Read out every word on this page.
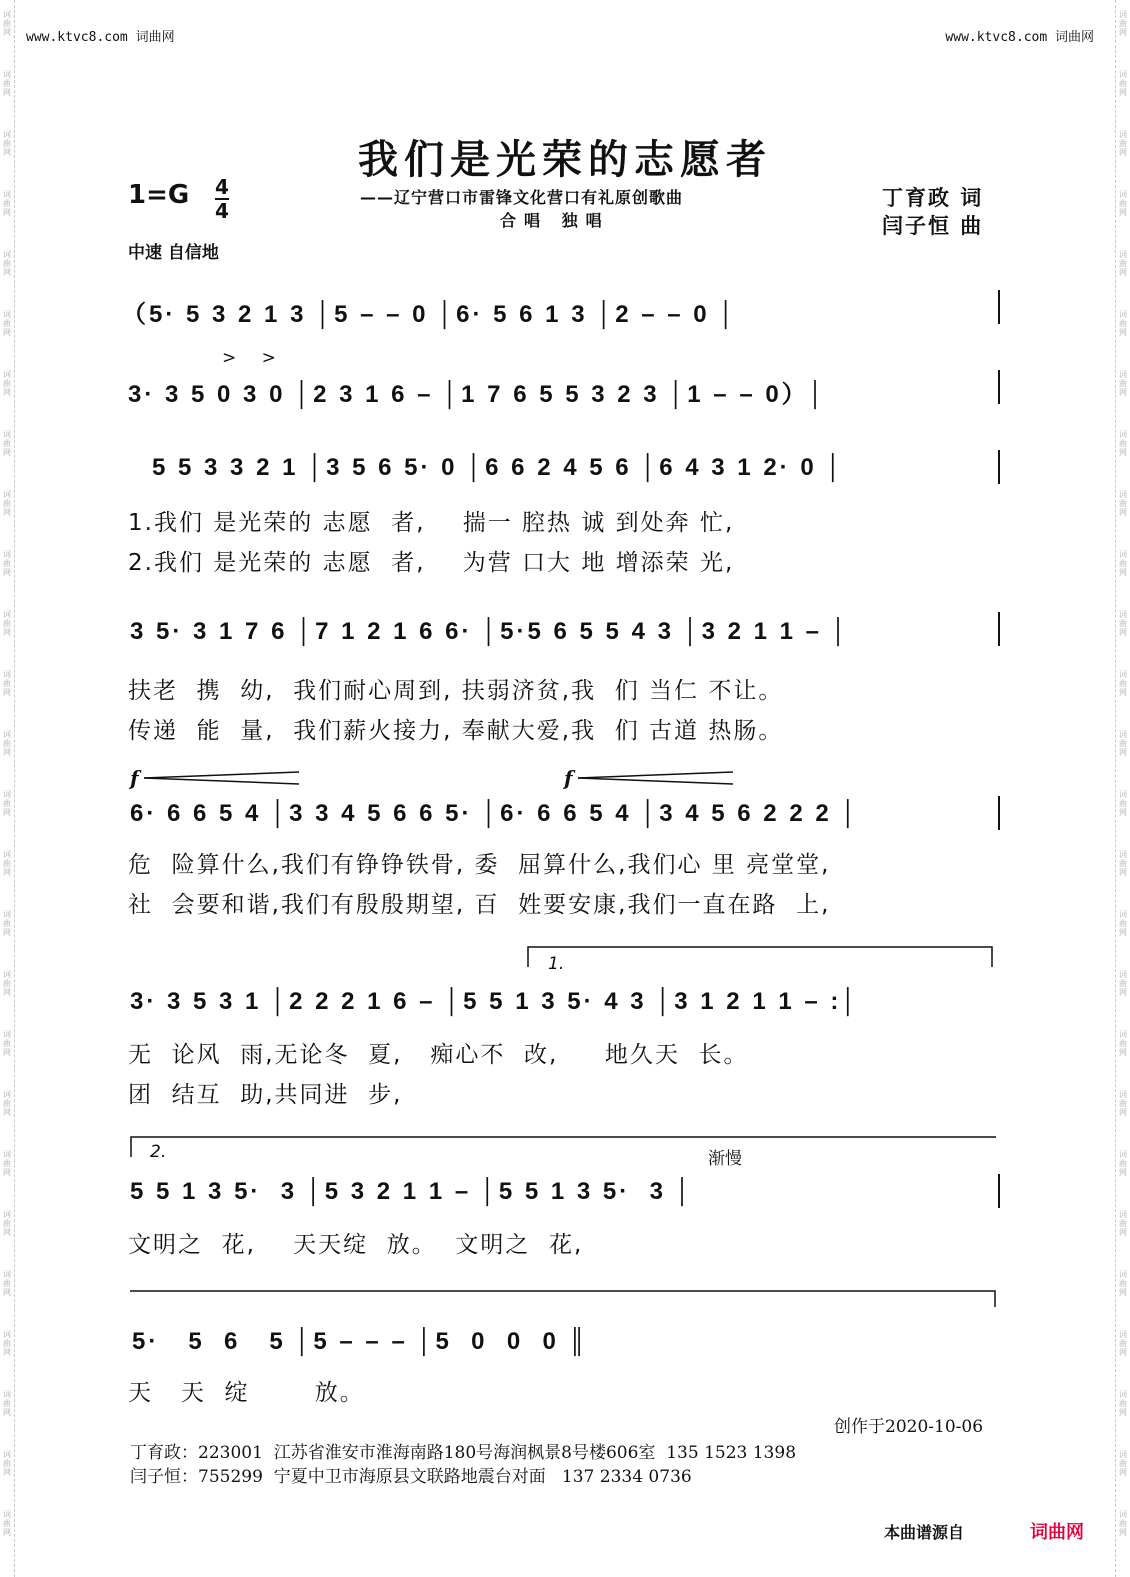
词
曲
网
词
曲
网
词
曲
网
词
曲
网
词
曲
网
词
曲
网
词
曲
网
词
曲
网
词
曲
网
词
曲
网
词
曲
网
词
曲
网
词
曲
网
词
曲
网
词
曲
网
词
曲
网
词
曲
网
词
曲
网
词
曲
网
词
曲
网
词
曲
网
词
曲
网
词
曲
网
词
曲
网
词
曲
网
词
曲
网
词
曲
网
词
曲
网
词
曲
网
词
曲
网
词
曲
网
词
曲
网
词
曲
网
词
曲
网
词
曲
网
词
曲
网
词
曲
网
词
曲
网
词
曲
网
词
曲
网
词
曲
网
词
曲
网
词
曲
网
词
曲
网
词
曲
网
词
曲
网
词
曲
网
词
曲
网
词
曲
网
词
曲
网
词
曲
网
词
曲
网
www.ktvc8.com 词曲网	www.ktvc8.com 词曲网
我们是光荣的志愿者
——辽宁营口市雷锋文化营口有礼原创歌曲
合唱 独唱
$1=G \frac{4}{4}$
中速 自信地
丁育政 词
闫子恒 曲
（5· 5 3 2 1 3 │5 – – 0 │6· 5 6 1 3 │2 – – 0 │
> >
3· 3 5 0 3 0 │2 3 1 6 – │1 7 6 5 5 3 2 3 │1 – – 0）│
5 5 3 3 2 1 │3 5 6 5· 0 │6 6 2 4 5 6 │6 4 3 1 2· 0 │
1.我们 是光荣的 志愿  者,    揣一 腔热 诚 到处奔 忙,
2.我们 是光荣的 志愿  者,    为营 口大 地 增添荣 光,
3 5· 3 1 7 6 │7 1 2 1 6 6· │5·5 6 5 5 4 3 │3 2 1 1 – │
扶老  携  幼,  我们耐心周到, 扶弱济贫,我  们 当仁 不让。
传递  能  量,  我们薪火接力, 奉献大爱,我  们 古道 热肠。
f	f
6· 6 6 5 4 │3 3 4 5 6 6 5· │6· 6 6 5 4 │3 4 5 6 2 2 2 │
危  险算什么,我们有铮铮铁骨, 委  屈算什么,我们心 里 亮堂堂,
社  会要和谐,我们有殷殷期望, 百  姓要安康,我们一直在路  上,
1.
3· 3 5 3 1 │2 2 2 1 6 – │5 5 1 3 5· 4 3 │3 1 2 1 1 – :│
无  论风  雨,无论冬  夏,   痴心不  改,     地久天  长。
团  结互  助,共同进  步,
2.	渐慢
5 5 1 3 5·  3 │5 3 2 1 1 – │5 5 1 3 5·  3 │
文明之  花,    天天绽  放。  文明之  花,
5·   5  6   5 │5 – – – │5  0  0  0 ║
天   天  绽       放。
创作于2020-10-06
丁育政：223001  江苏省淮安市淮海南路180号海润枫景8号楼606室  135 1523 1398
闫子恒：755299  宁夏中卫市海原县文联路地震台对面   137 2334 0736
本曲谱源自	词曲网
